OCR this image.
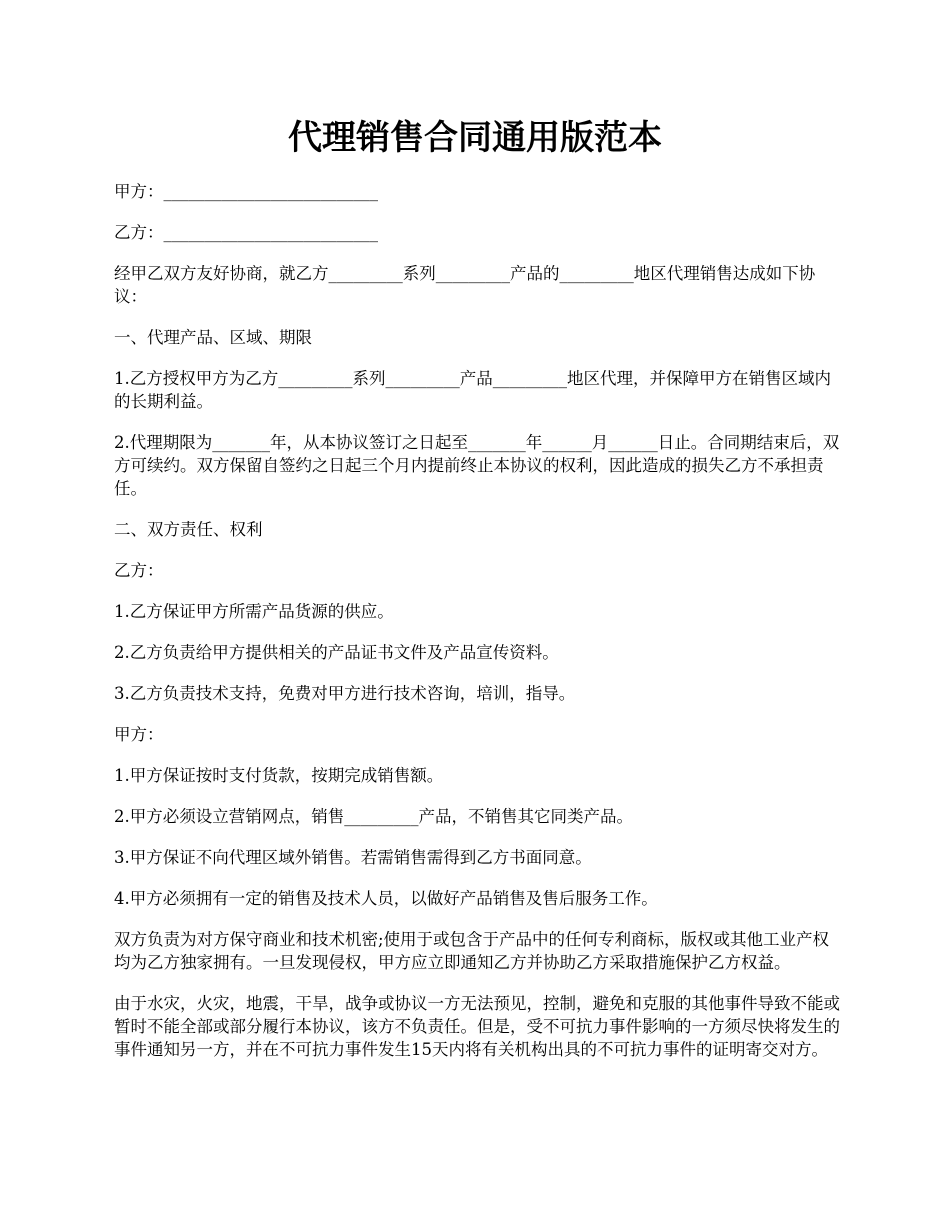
代理销售合同通用版范本

甲方：__________________________

乙方：__________________________

经甲乙双方友好协商，就乙方_________系列_________产品的_________地区代理销售达成如下协议：

一、代理产品、区域、期限

1.乙方授权甲方为乙方_________系列_________产品_________地区代理，并保障甲方在销售区域内的长期利益。

2.代理期限为_______年，从本协议签订之日起至_______年______月______日止。合同期结束后，双方可续约。双方保留自签约之日起三个月内提前终止本协议的权利，因此造成的损失乙方不承担责任。

二、双方责任、权利

乙方：

1.乙方保证甲方所需产品货源的供应。

2.乙方负责给甲方提供相关的产品证书文件及产品宣传资料。

3.乙方负责技术支持，免费对甲方进行技术咨询，培训，指导。

甲方：

1.甲方保证按时支付货款，按期完成销售额。

2.甲方必须设立营销网点，销售_________产品，不销售其它同类产品。

3.甲方保证不向代理区域外销售。若需销售需得到乙方书面同意。

4.甲方必须拥有一定的销售及技术人员，以做好产品销售及售后服务工作。

双方负责为对方保守商业和技术机密;使用于或包含于产品中的任何专利商标，版权或其他工业产权均为乙方独家拥有。一旦发现侵权，甲方应立即通知乙方并协助乙方采取措施保护乙方权益。

由于水灾，火灾，地震，干旱，战争或协议一方无法预见，控制，避免和克服的其他事件导致不能或暂时不能全部或部分履行本协议，该方不负责任。但是，受不可抗力事件影响的一方须尽快将发生的事件通知另一方，并在不可抗力事件发生15天内将有关机构出具的不可抗力事件的证明寄交对方。
